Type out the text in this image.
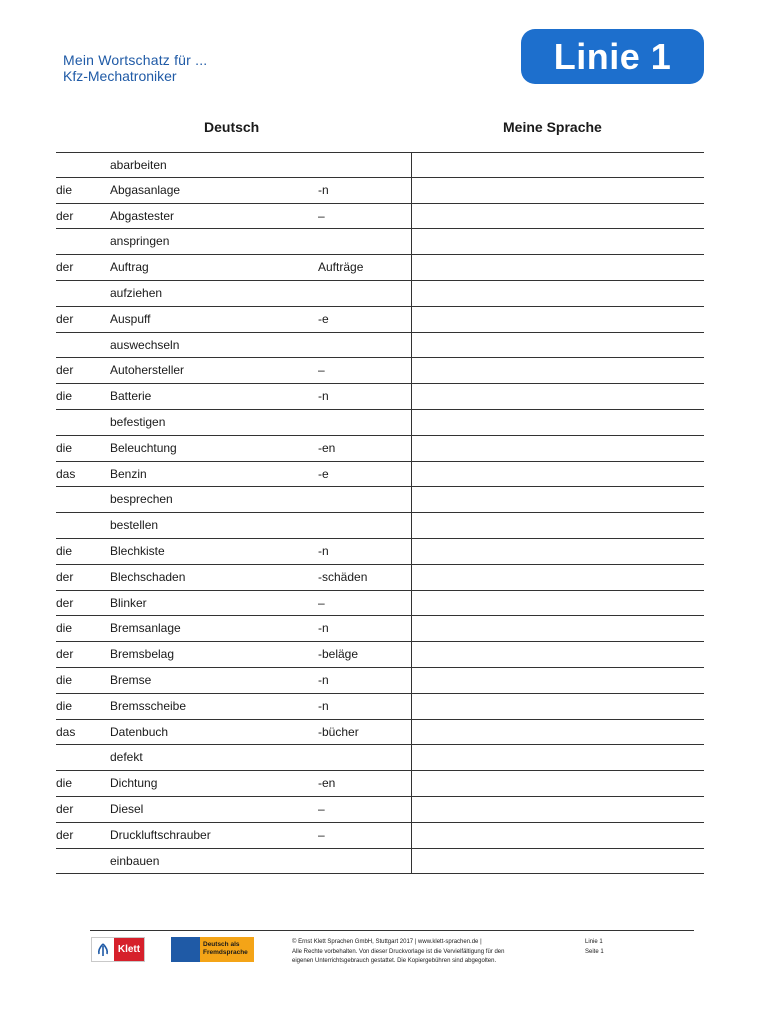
Mein Wortschatz für ...
Kfz-Mechatroniker	Linie 1
Deutsch	Meine Sprache
abarbeiten
die	Abgasanlage	-n
der	Abgastester	–
anspringen
der	Auftrag	Aufträge
aufziehen
der	Auspuff	-e
auswechseln
der	Autohersteller	–
die	Batterie	-n
befestigen
die	Beleuchtung	-en
das	Benzin	-e
besprechen
bestellen
die	Blechkiste	-n
der	Blechschaden	-schäden
der	Blinker	–
die	Bremsanlage	-n
der	Bremsbelag	-beläge
die	Bremse	-n
die	Bremsscheibe	-n
das	Datenbuch	-bücher
defekt
die	Dichtung	-en
der	Diesel	–
der	Druckluftschrauber	–
einbauen
Klett	Deutsch als Fremdsprache
© Ernst Klett Sprachen GmbH, Stuttgart 2017 | www.klett-sprachen.de |
Alle Rechte vorbehalten. Von dieser Druckvorlage ist die Vervielfältigung für den
eigenen Unterrichtsgebrauch gestattet. Die Kopiergebühren sind abgegolten.
Linie 1
Seite 1
